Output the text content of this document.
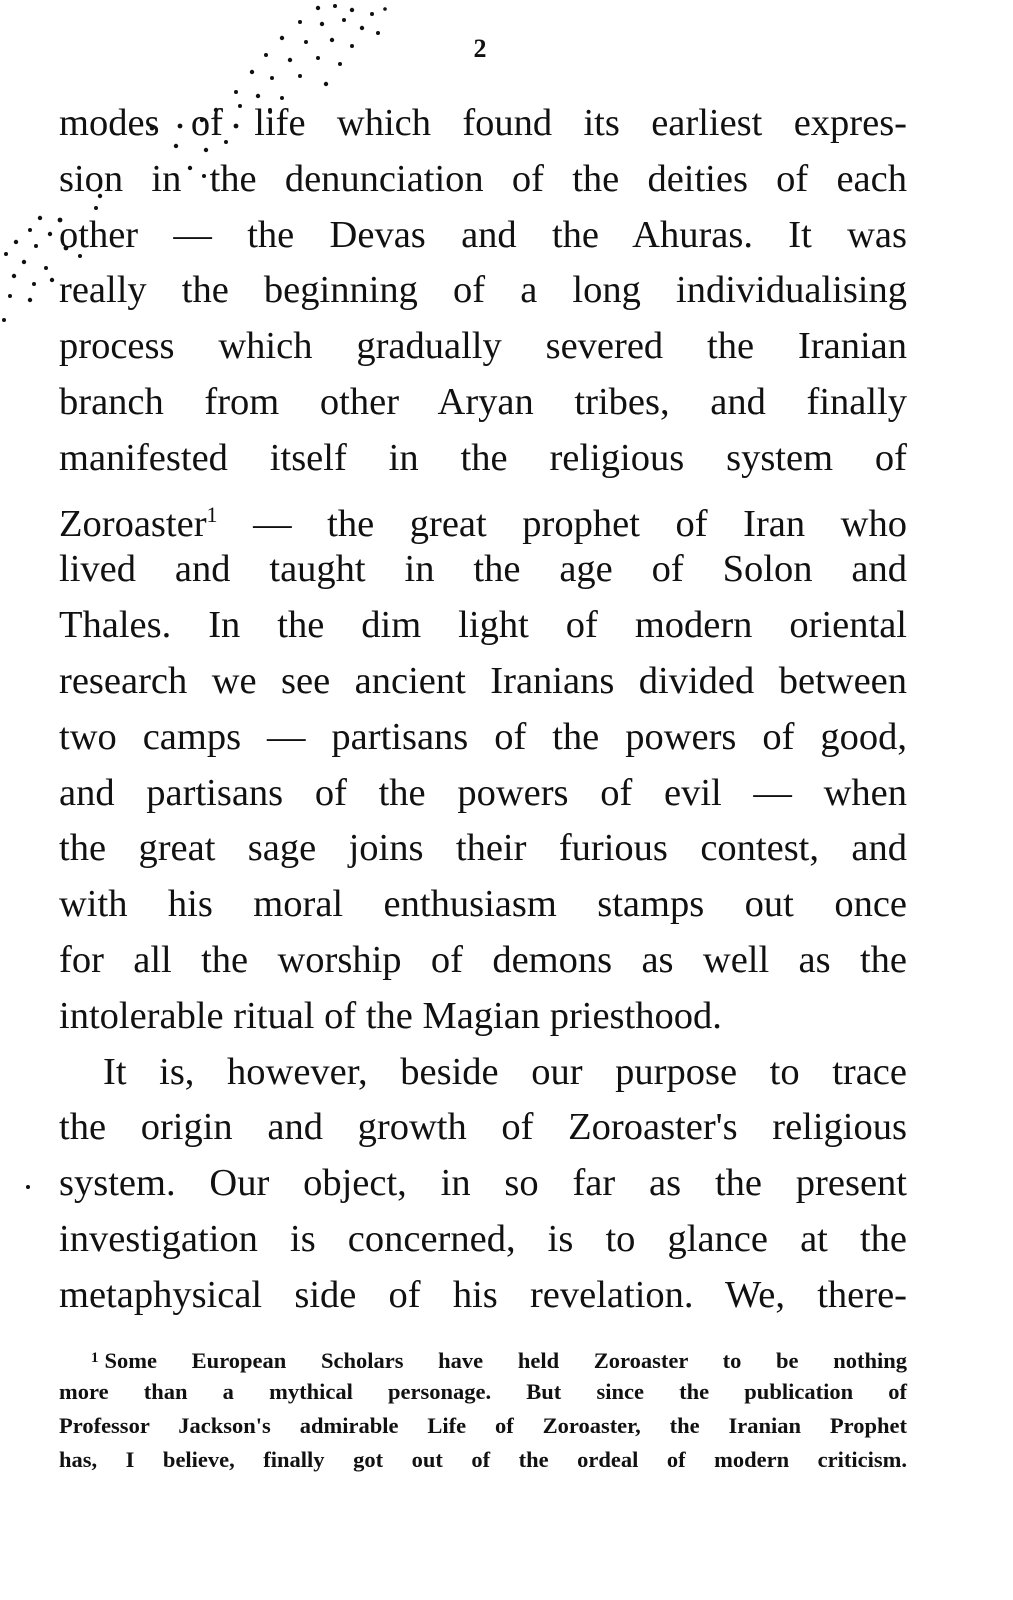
2
modes of life which found its earliest expres-
sion in the denunciation of the deities of each
other — the Devas and the Ahuras. It was
really the beginning of a long individualising
process which gradually severed the Iranian
branch from other Aryan tribes, and finally
manifested itself in the religious system of
Zoroaster$^1$ — the great prophet of Iran who
lived and taught in the age of Solon and
Thales. In the dim light of modern oriental
research we see ancient Iranians divided between
two camps — partisans of the powers of good,
and partisans of the powers of evil — when
the great sage joins their furious contest, and
with his moral enthusiasm stamps out once
for all the worship of demons as well as the
intolerable ritual of the Magian priesthood.
It is, however, beside our purpose to trace
the origin and growth of Zoroaster's religious
system. Our object, in so far as the present
investigation is concerned, is to glance at the
metaphysical side of his revelation. We, there-
$^1$ Some European Scholars have held Zoroaster to be nothing
more than a mythical personage. But since the publication of
Professor Jackson's admirable Life of Zoroaster, the Iranian Prophet
has, I believe, finally got out of the ordeal of modern criticism.
